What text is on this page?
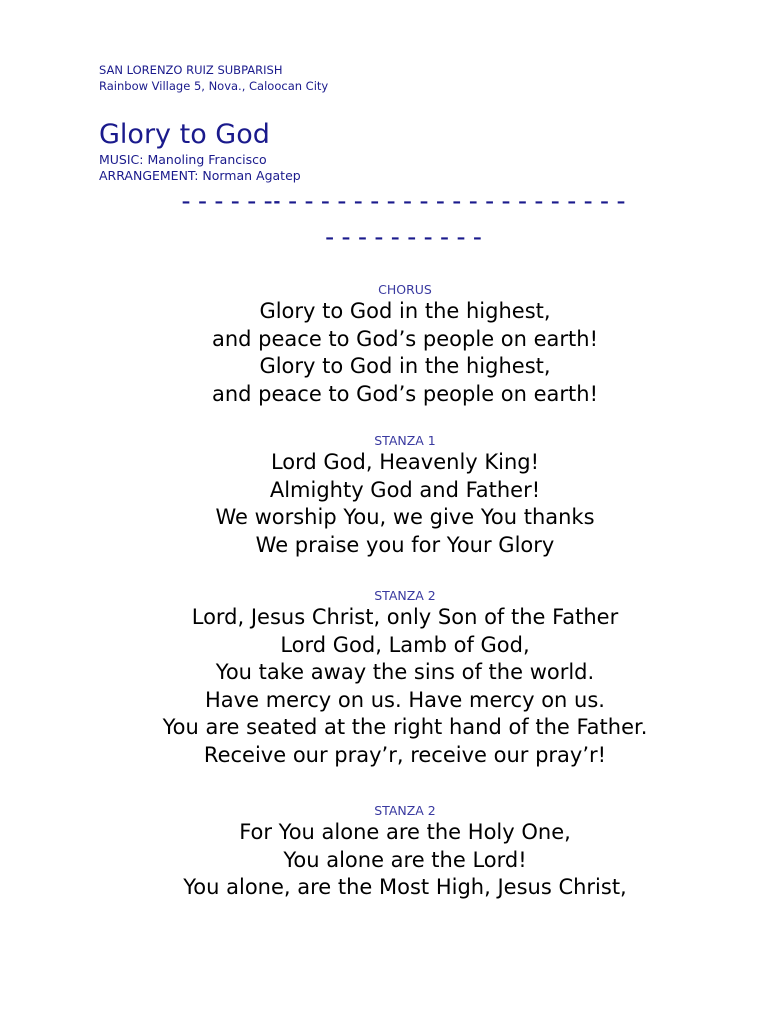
SAN LORENZO RUIZ SUBPARISH
Rainbow Village 5, Nova., Caloocan City
Glory to God
MUSIC: Manoling Francisco
ARRANGEMENT: Norman Agatep
– – – – – –- – – – – – – – – – – – – – – – – – – – – –
– – – – – – – – – –
CHORUS
Glory to God in the highest,
and peace to God’s people on earth!
Glory to God in the highest,
and peace to God’s people on earth!
STANZA 1
Lord God, Heavenly King!
Almighty God and Father!
We worship You, we give You thanks
We praise you for Your Glory
STANZA 2
Lord, Jesus Christ, only Son of the Father
Lord God, Lamb of God,
You take away the sins of the world.
Have mercy on us. Have mercy on us.
You are seated at the right hand of the Father.
Receive our pray’r, receive our pray’r!
STANZA 2
For You alone are the Holy One,
You alone are the Lord!
You alone, are the Most High, Jesus Christ,
